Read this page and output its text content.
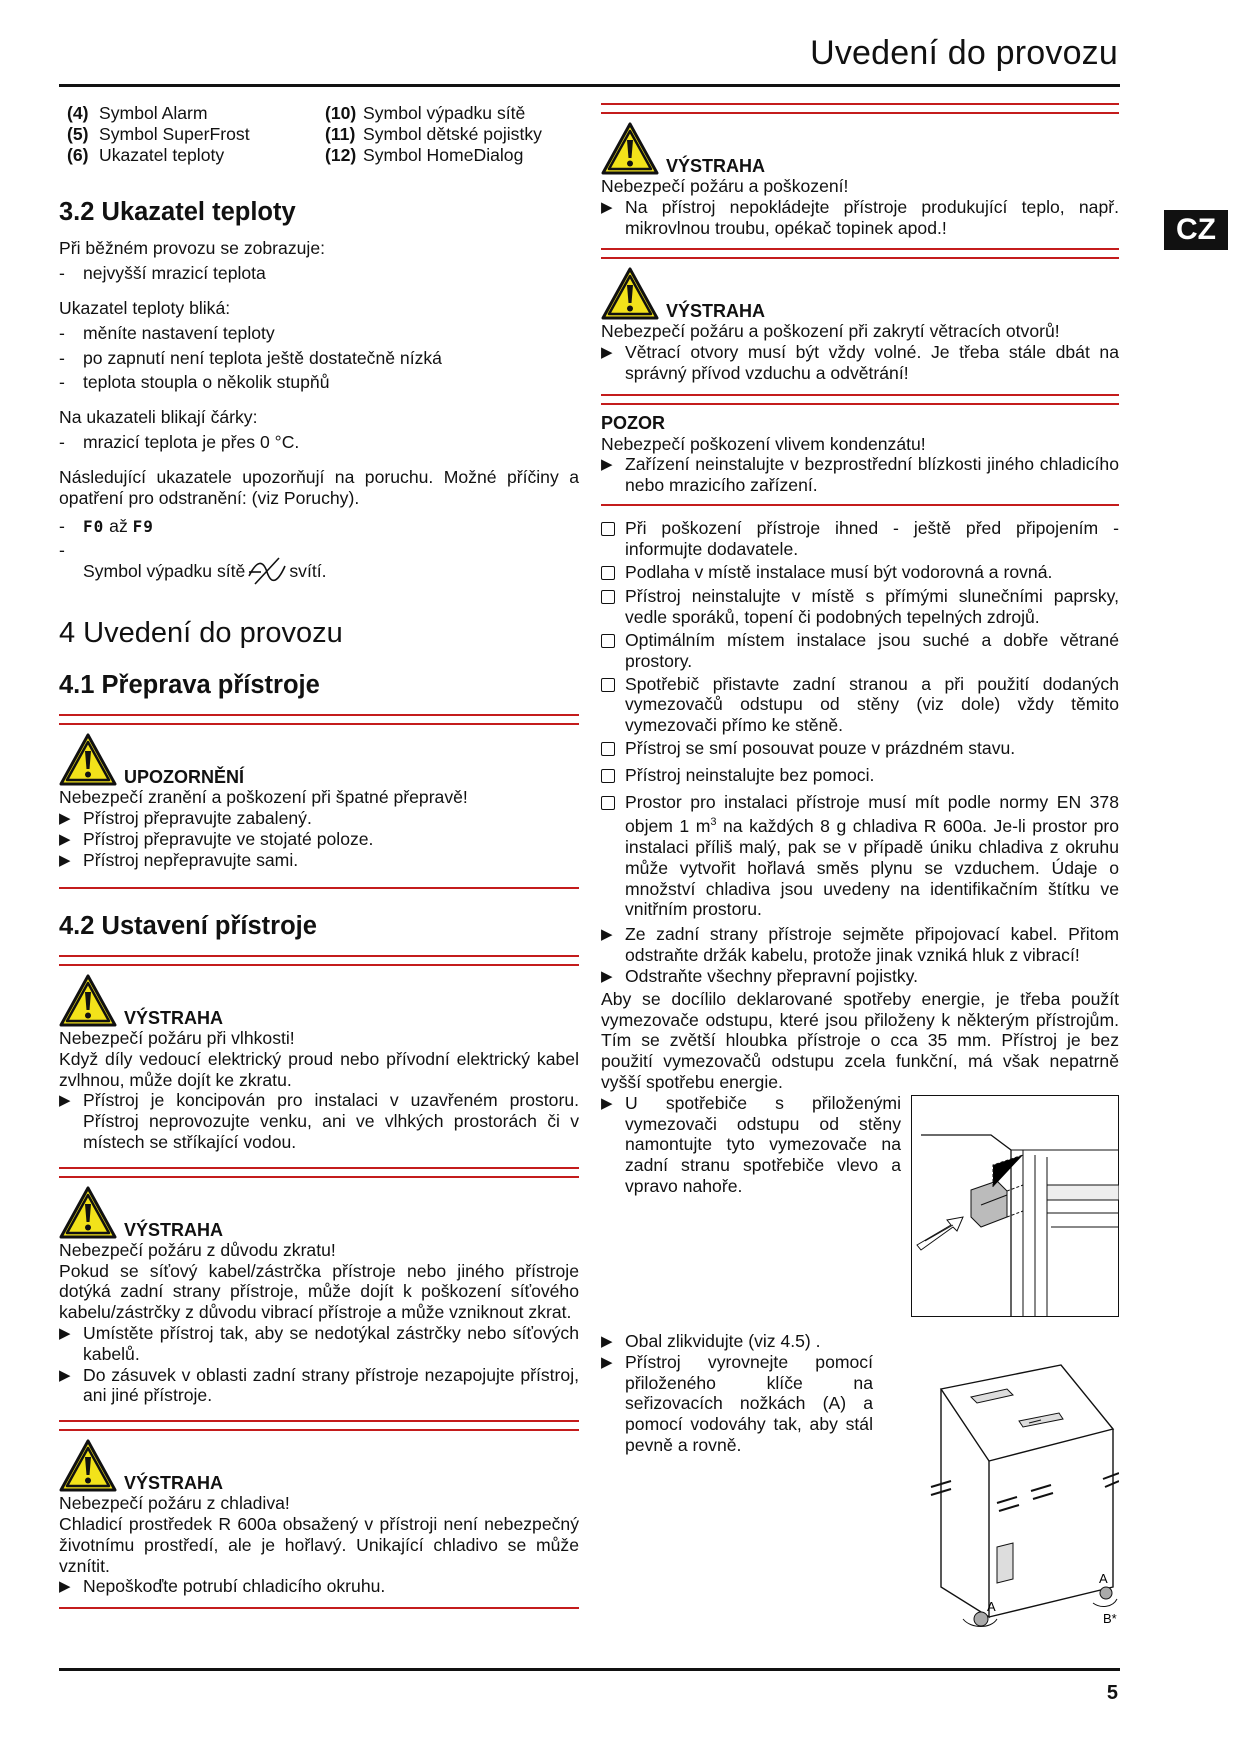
Uvedení do provozu
CZ
5
(4) Symbol Alarm	(10) Symbol výpadku sítě
(5) Symbol SuperFrost	(11) Symbol dětské pojistky
(6) Ukazatel teploty	(12) Symbol HomeDialog
3.2 Ukazatel teploty

Při běžném provozu se zobrazuje:

-	nejvyšší mrazicí teplota

Ukazatel teploty bliká:

-	měníte nastavení teploty
-	po zapnutí není teplota ještě dostatečně nízká
-	teplota stoupla o několik stupňů

Na ukazateli blikají čárky:

-	mrazicí teplota je přes 0 °C.

Následující ukazatele upozorňují na poruchu. Možné příčiny a opatření pro odstranění: (viz Poruchy).

-	F0 až F9
-
Symbol výpadku sítě	svítí.
4 Uvedení do provozu
4.1 Přeprava přístroje
UPOZORNĚNÍ

Nebezpečí zranění a poškození při špatné přepravě!

▶ Přístroj přepravujte zabalený.
▶ Přístroj přepravujte ve stojaté poloze.
▶ Přístroj nepřepravujte sami.
4.2 Ustavení přístroje
VÝSTRAHA

Nebezpečí požáru při vlhkosti!

Když díly vedoucí elektrický proud nebo přívodní elektrický kabel zvlhnou, může dojít ke zkratu.

▶ Přístroj je koncipován pro instalaci v uzavřeném prostoru. Přístroj neprovozujte venku, ani ve vlhkých prostorách či v místech se stříkající vodou.
VÝSTRAHA

Nebezpečí požáru z důvodu zkratu!

Pokud se síťový kabel/zástrčka přístroje nebo jiného přístroje dotýká zadní strany přístroje, může dojít k poškození síťového kabelu/zástrčky z důvodu vibrací přístroje a může vzniknout zkrat.

▶ Umístěte přístroj tak, aby se nedotýkal zástrčky nebo síťových kabelů.
▶ Do zásuvek v oblasti zadní strany přístroje nezapojujte přístroj, ani jiné přístroje.
VÝSTRAHA

Nebezpečí požáru z chladiva!

Chladicí prostředek R 600a obsažený v přístroji není nebezpečný životnímu prostředí, ale je hořlavý. Unikající chladivo se může vznítit.

▶ Nepoškoďte potrubí chladicího okruhu.
VÝSTRAHA

Nebezpečí požáru a poškození!

▶ Na přístroj nepokládejte přístroje produkující teplo, např. mikrovlnou troubu, opékač topinek apod.!
VÝSTRAHA

Nebezpečí požáru a poškození při zakrytí větracích otvorů!

▶ Větrací otvory musí být vždy volné. Je třeba stále dbát na správný přívod vzduchu a odvětrání!
POZOR

Nebezpečí poškození vlivem kondenzátu!

▶ Zařízení neinstalujte v bezprostřední blízkosti jiného chladicího nebo mrazicího zařízení.
Při poškození přístroje ihned - ještě před připojením - informujte dodavatele.
Podlaha v místě instalace musí být vodorovná a rovná.
Přístroj neinstalujte v místě s přímými slunečními paprsky, vedle sporáků, topení či podobných tepelných zdrojů.
Optimálním místem instalace jsou suché a dobře větrané prostory.
Spotřebič přistavte zadní stranou a při použití dodaných vymezovačů odstupu od stěny (viz dole) vždy těmito vymezovači přímo ke stěně.
Přístroj se smí posouvat pouze v prázdném stavu.
Přístroj neinstalujte bez pomoci.
Prostor pro instalaci přístroje musí mít podle normy EN 378 objem 1 $m^3$ na každých 8 g chladiva R 600a. Je-li prostor pro instalaci příliš malý, pak se v případě úniku chladiva z okruhu může vytvořit hořlavá směs plynu se vzduchem. Údaje o množství chladiva jsou uvedeny na identifikačním štítku ve vnitřním prostoru.
▶ Ze zadní strany přístroje sejměte připojovací kabel. Přitom odstraňte držák kabelu, protože jinak vzniká hluk z vibrací!
▶ Odstraňte všechny přepravní pojistky.

Aby se docílilo deklarované spotřeby energie, je třeba použít vymezovače odstupu, které jsou přiloženy k některým přístrojům. Tím se zvětší hloubka přístroje o cca 35 mm. Přístroj je bez použití vymezovačů odstupu zcela funkční, má však nepatrně vyšší spotřebu energie.

▶ U spotřebiče s přiloženými vymezovači odstupu od stěny namontujte tyto vymezovače na zadní stranu spotřebiče vlevo a vpravo nahoře.
▶ Obal zlikvidujte (viz 4.5) .
▶ Přístroj vyrovnejte pomocí přiloženého klíče na seřizovacích nožkách (A) a pomocí vodováhy tak, aby stál pevně a rovně.
A
A
B*
